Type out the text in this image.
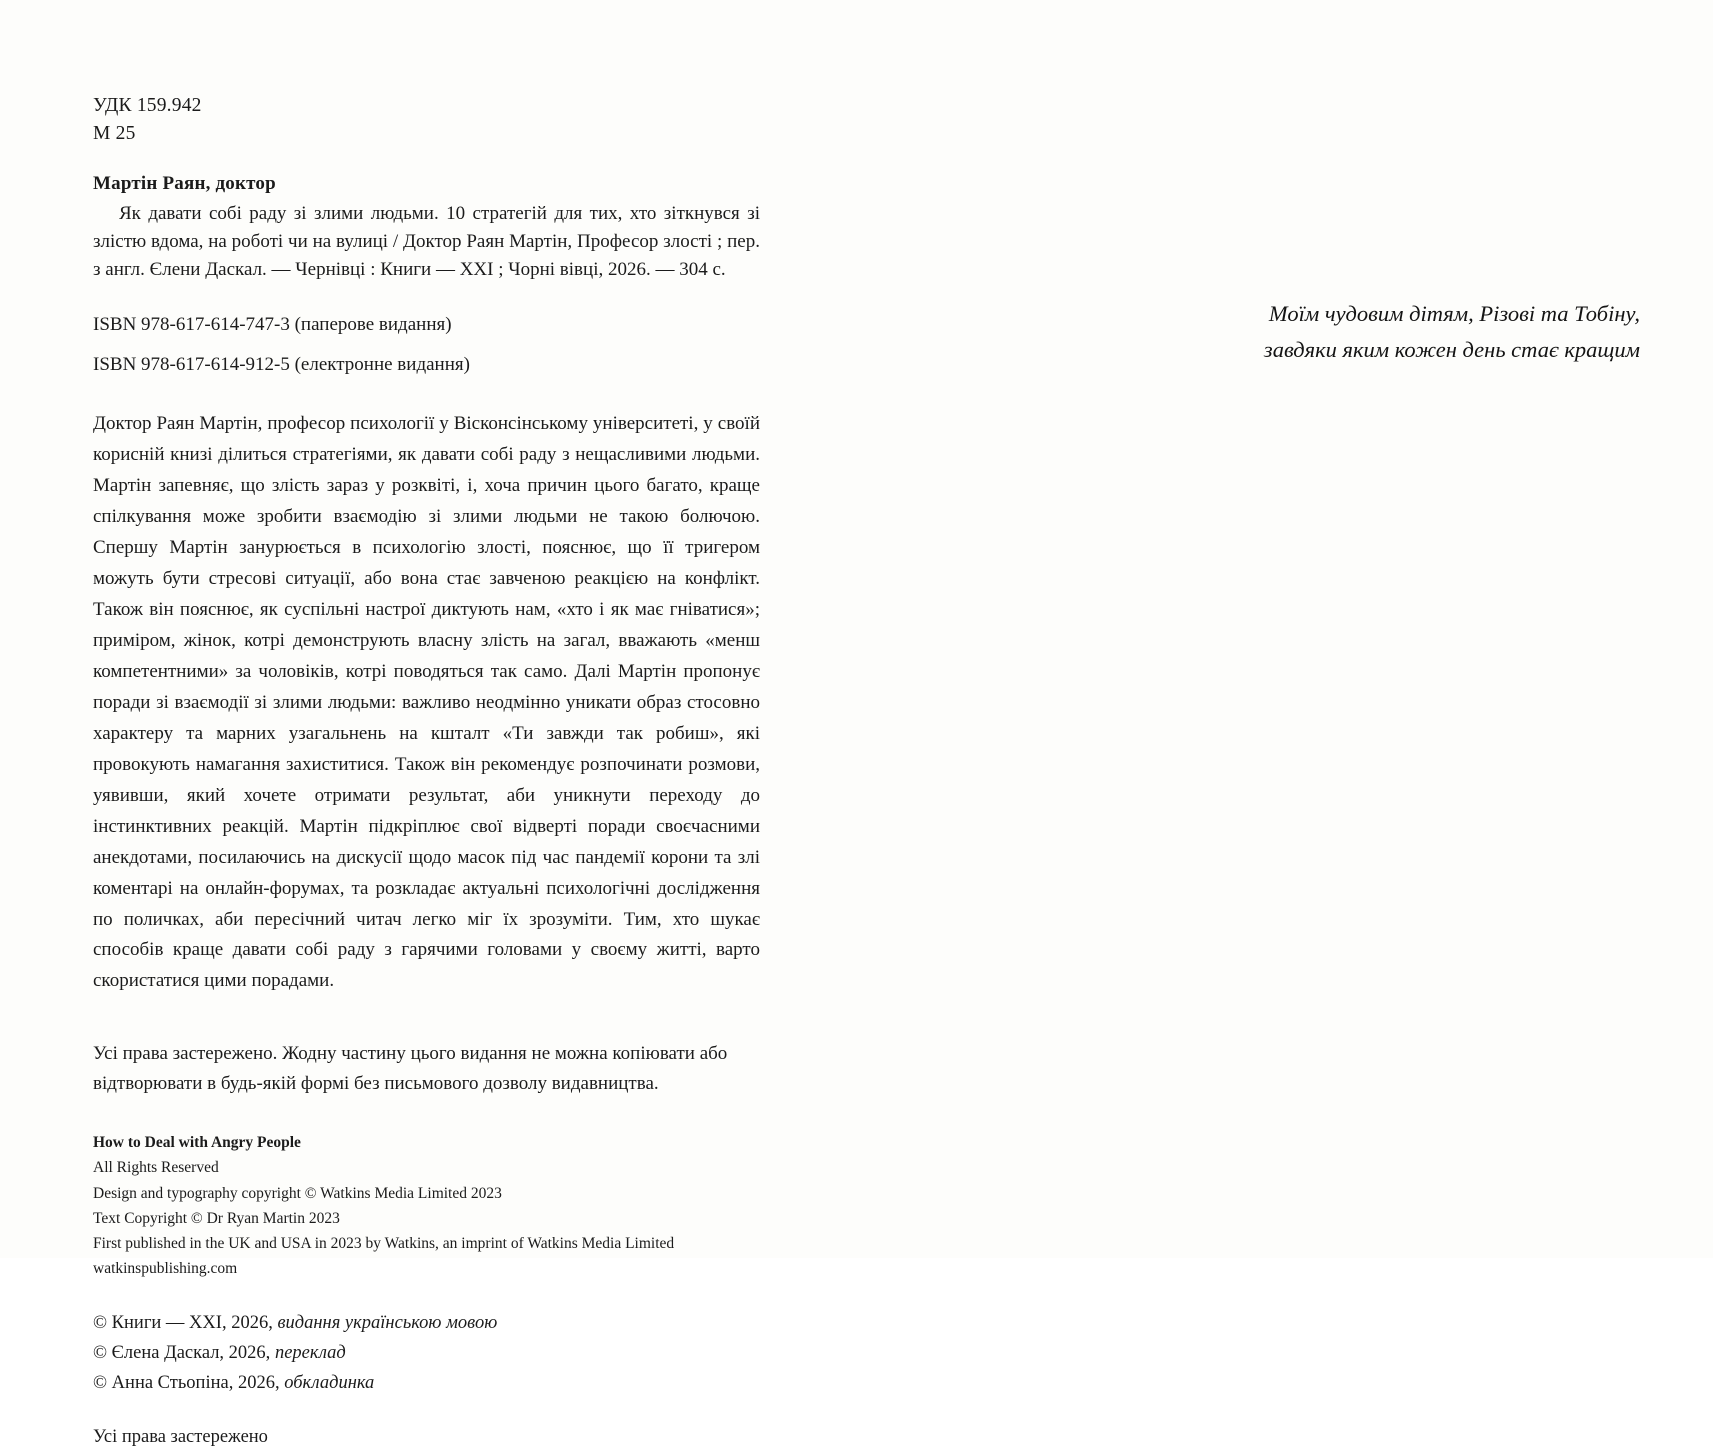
УДК 159.942
М 25
Мартін Раян, доктор
Як давати собі раду зі злими людьми. 10 стратегій для тих, хто зіткнувся зі злістю вдома, на роботі чи на вулиці / Доктор Раян Мартін, Професор злості ; пер. з англ. Єлени Даскал. — Чернівці : Книги — XXI ; Чорні вівці, 2026. — 304 с.
ISBN 978-617-614-747-3 (паперове видання)
ISBN 978-617-614-912-5 (електронне видання)
Доктор Раян Мартін, професор психології у Вісконсінському університеті, у своїй корисній книзі ділиться стратегіями, як давати собі раду з нещасливими людьми. Мартін запевняє, що злість зараз у розквіті, і, хоча причин цього багато, краще спілкування може зробити взаємодію зі злими людьми не такою болючою. Спершу Мартін занурюється в психологію злості, пояснює, що її тригером можуть бути стресові ситуації, або вона стає завченою реакцією на конфлікт. Також він пояснює, як суспільні настрої диктують нам, «хто і як має гніватися»; приміром, жінок, котрі демонструють власну злість на загал, вважають «менш компетентними» за чоловіків, котрі поводяться так само. Далі Мартін пропонує поради зі взаємодії зі злими людьми: важливо неодмінно уникати образ стосовно характеру та марних узагальнень на кшталт «Ти завжди так робиш», які провокують намагання захиститися. Також він рекомендує розпочинати розмови, уявивши, який хочете отримати результат, аби уникнути переходу до інстинктивних реакцій. Мартін підкріплює свої відверті поради своєчасними анекдотами, посилаючись на дискусії щодо масок під час пандемії корони та злі коментарі на онлайн-форумах, та розкладає актуальні психологічні дослідження по поличках, аби пересічний читач легко міг їх зрозуміти. Тим, хто шукає способів краще давати собі раду з гарячими головами у своєму житті, варто скористатися цими порадами.
Усі права застережено. Жодну частину цього видання не можна копіювати або відтворювати в будь-якій формі без письмового дозволу видавництва.
How to Deal with Angry People
All Rights Reserved
Design and typography copyright © Watkins Media Limited 2023
Text Copyright © Dr Ryan Martin 2023
First published in the UK and USA in 2023 by Watkins, an imprint of Watkins Media Limited
watkinspublishing.com
© Книги — XXI, 2026, видання українською мовою
© Єлена Даскал, 2026, переклад
© Анна Стьопіна, 2026, обкладинка
Усі права застережено
Моїм чудовим дітям, Різові та Тобіну,
завдяки яким кожен день стає кращим
